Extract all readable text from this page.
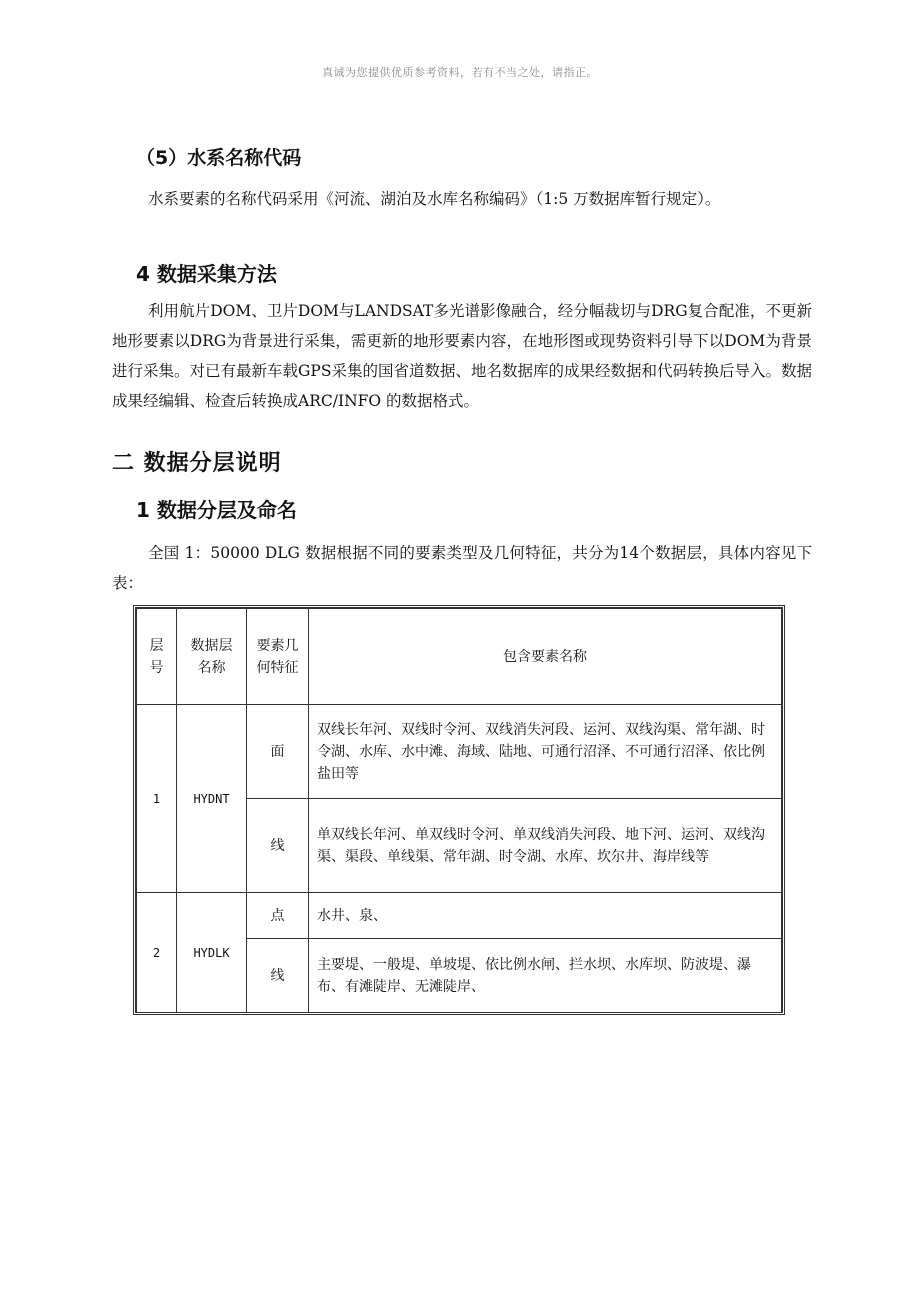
真诚为您提供优质参考资料，若有不当之处，请指正。
（5）水系名称代码
水系要素的名称代码采用《河流、湖泊及水库名称编码》（1:5 万数据库暂行规定）。
4 数据采集方法
利用航片DOM、卫片DOM与LANDSAT多光谱影像融合，经分幅裁切与DRG复合配准，不更新地形要素以DRG为背景进行采集，需更新的地形要素内容，在地形图或现势资料引导下以DOM为背景进行采集。对已有最新车载GPS采集的国省道数据、地名数据库的成果经数据和代码转换后导入。数据成果经编辑、检查后转换成ARC/INFO 的数据格式。
二 数据分层说明
1 数据分层及命名
全国 1：50000 DLG 数据根据不同的要素类型及几何特征，共分为14个数据层，具体内容见下表：
层号	数据层名称	要素几何特征	包含要素名称
1	HYDNT	面	双线长年河、双线时令河、双线消失河段、运河、双线沟渠、常年湖、时令湖、水库、水中滩、海域、陆地、可通行沼泽、不可通行沼泽、依比例盐田等
		线	单双线长年河、单双线时令河、单双线消失河段、地下河、运河、双线沟渠、渠段、单线渠、常年湖、时令湖、水库、坎尔井、海岸线等
2	HYDLK	点	水井、泉、
		线	主要堤、一般堤、单坡堤、依比例水闸、拦水坝、水库坝、防波堤、瀑布、有滩陡岸、无滩陡岸、
